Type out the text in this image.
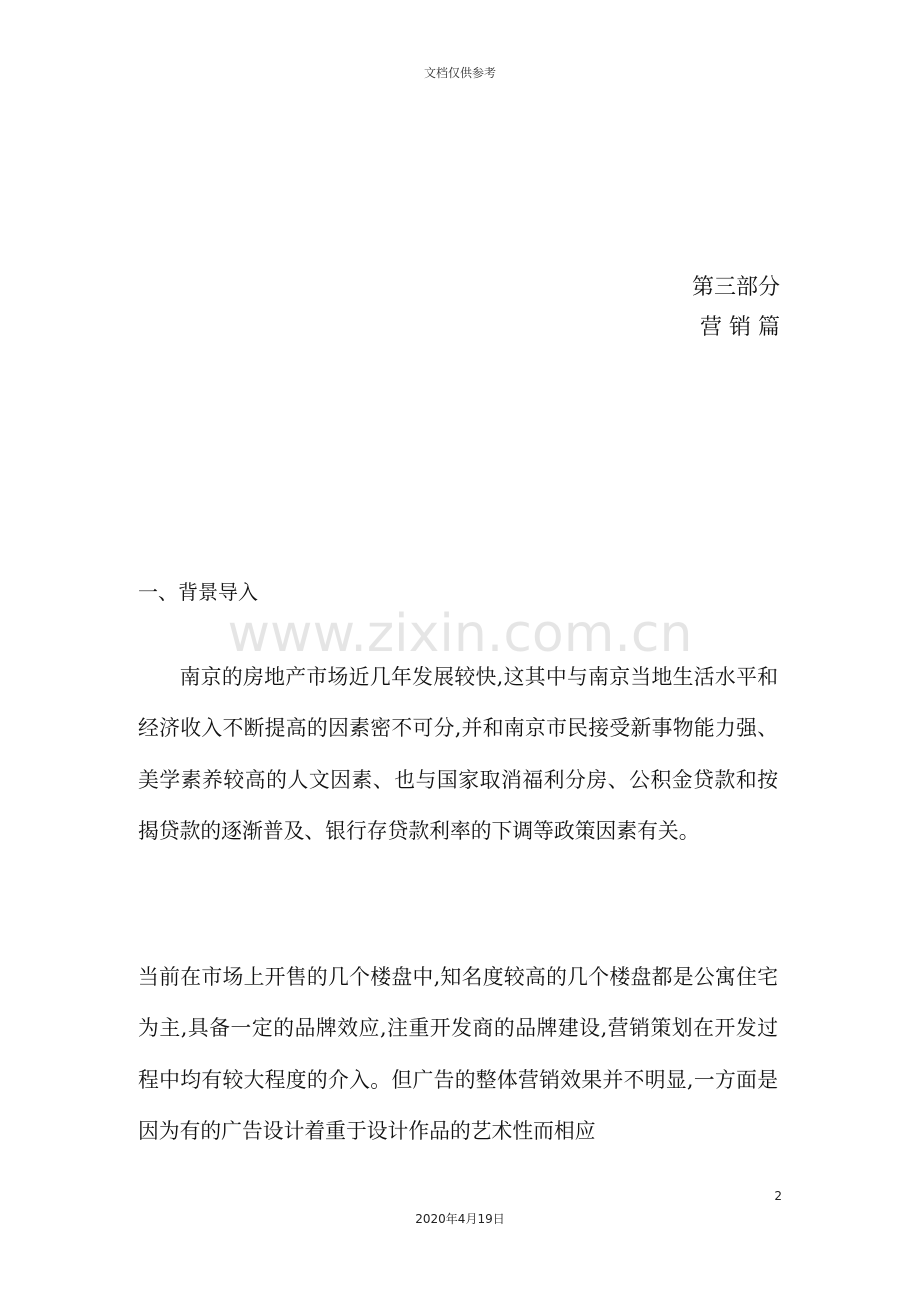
文档仅供参考
第三部分
营 销 篇
一、背景导入
www.zixin.com.cn

南京的房地产市场近几年发展较快,这其中与南京当地生活水平和经济收入不断提高的因素密不可分,并和南京市民接受新事物能力强、美学素养较高的人文因素、也与国家取消福利分房、公积金贷款和按揭贷款的逐渐普及、银行存贷款利率的下调等政策因素有关。

当前在市场上开售的几个楼盘中,知名度较高的几个楼盘都是公寓住宅为主,具备一定的品牌效应,注重开发商的品牌建设,营销策划在开发过程中均有较大程度的介入。但广告的整体营销效果并不明显,一方面是因为有的广告设计着重于设计作品的艺术性而相应

2
2020年4月19日
